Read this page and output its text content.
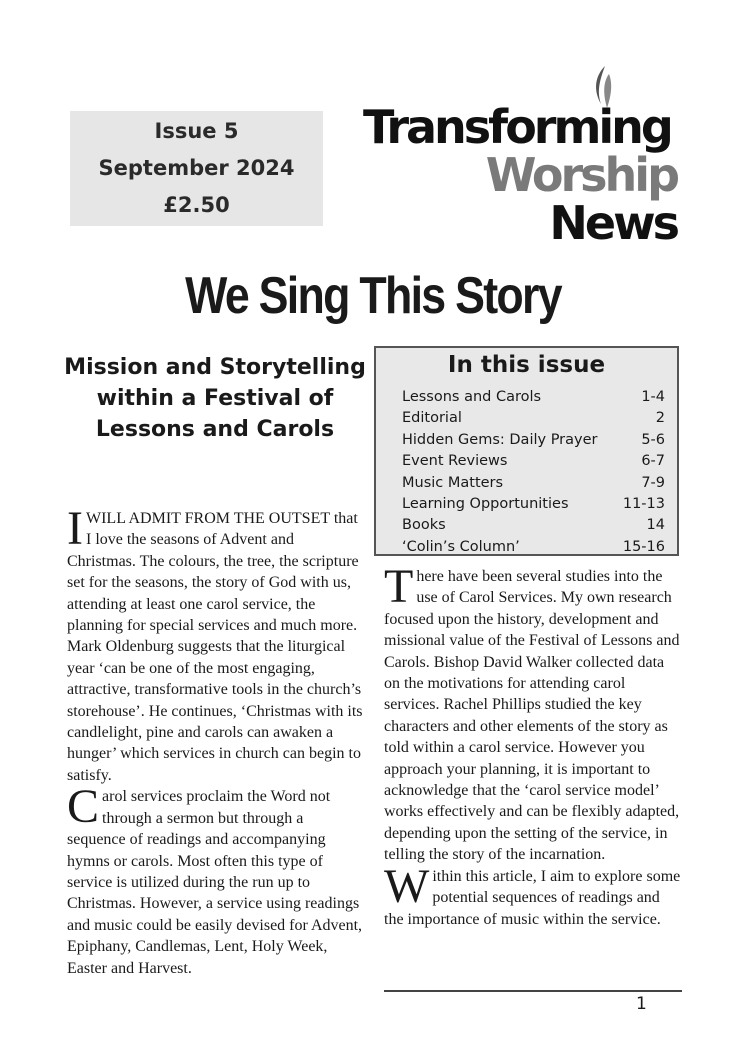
Issue 5
September 2024
£2.50
Transforming
Worship
News
We Sing This Story
Mission and Storytelling within a Festival of Lessons and Carols
In this issue
Lessons and Carols	1-4
Editorial	2
Hidden Gems: Daily Prayer	5-6
Event Reviews	6-7
Music Matters	7-9
Learning Opportunities	11-13
Books	14
‘Colin’s Column’	15-16

IWILL ADMIT FROM THE OUTSET that I love the seasons of Advent and Christmas. The colours, the tree, the scripture set for the seasons, the story of God with us, attending at least one carol service, the planning for special services and much more. Mark Oldenburg suggests that the liturgical year ‘can be one of the most engaging, attractive, transformative tools in the church’s storehouse’. He continues, ‘Christmas with its candlelight, pine and carols can awaken a hunger’ which services in church can begin to satisfy.

Carol services proclaim the Word not through a sermon but through a sequence of readings and accompanying hymns or carols. Most often this type of service is utilized during the run up to Christmas. However, a service using readings and music could be easily devised for Advent, Epiphany, Candlemas, Lent, Holy Week, Easter and Harvest.

There have been several studies into the use of Carol Services. My own research focused upon the history, development and missional value of the Festival of Lessons and Carols. Bishop David Walker collected data on the motivations for attending carol services. Rachel Phillips studied the key characters and other elements of the story as told within a carol service. However you approach your planning, it is important to acknowledge that the ‘carol service model’ works effectively and can be flexibly adapted, depending upon the setting of the service, in telling the story of the incarnation.

Within this article, I aim to explore some potential sequences of readings and the importance of music within the service.

1
